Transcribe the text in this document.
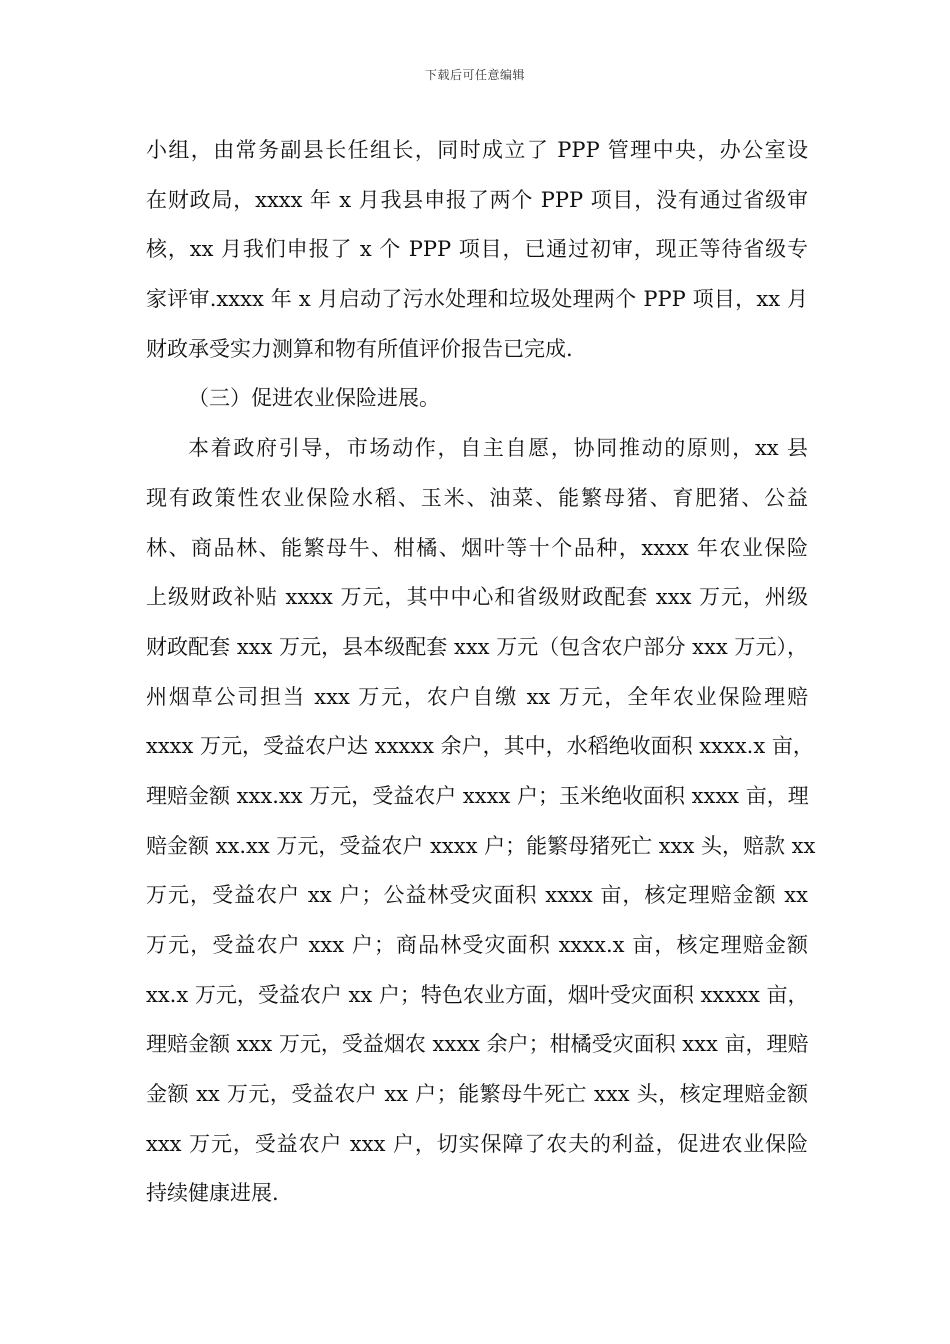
下载后可任意编辑
小组，由常务副县长任组长，同时成立了 PPP 管理中央，办公室设
在财政局，xxxx 年 x 月我县申报了两个 PPP 项目，没有通过省级审
核，xx 月我们申报了 x 个 PPP 项目，已通过初审，现正等待省级专
家评审.xxxx 年 x 月启动了污水处理和垃圾处理两个 PPP 项目，xx 月
财政承受实力测算和物有所值评价报告已完成.
（三）促进农业保险进展。
本着政府引导，市场动作，自主自愿，协同推动的原则，xx 县
现有政策性农业保险水稻、玉米、油菜、能繁母猪、育肥猪、公益
林、商品林、能繁母牛、柑橘、烟叶等十个品种，xxxx 年农业保险
上级财政补贴 xxxx 万元，其中中心和省级财政配套 xxx 万元，州级
财政配套 xxx 万元，县本级配套 xxx 万元（包含农户部分 xxx 万元），
州烟草公司担当 xxx 万元，农户自缴 xx 万元，全年农业保险理赔
xxxx 万元，受益农户达 xxxxx 余户，其中，水稻绝收面积 xxxx.x 亩，
理赔金额 xxx.xx 万元，受益农户 xxxx 户；玉米绝收面积 xxxx 亩，理
赔金额 xx.xx 万元，受益农户 xxxx 户；能繁母猪死亡 xxx 头，赔款 xx
万元，受益农户 xx 户；公益林受灾面积 xxxx 亩，核定理赔金额 xx
万元，受益农户 xxx 户；商品林受灾面积 xxxx.x 亩，核定理赔金额
xx.x 万元，受益农户 xx 户；特色农业方面，烟叶受灾面积 xxxxx 亩，
理赔金额 xxx 万元，受益烟农 xxxx 余户；柑橘受灾面积 xxx 亩，理赔
金额 xx 万元，受益农户 xx 户；能繁母牛死亡 xxx 头，核定理赔金额
xxx 万元，受益农户 xxx 户，切实保障了农夫的利益，促进农业保险
持续健康进展.
